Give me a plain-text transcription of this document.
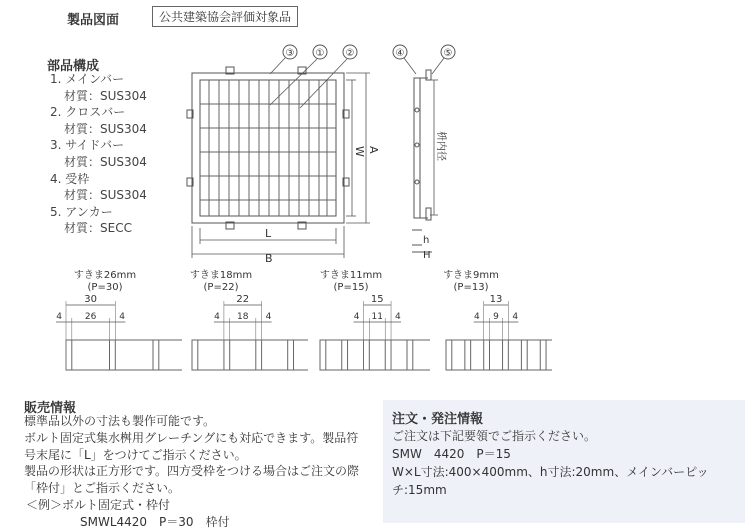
製品図面	公共建築協会評価対象品
部品構成
1. メインバー
材質：SUS304
2. クロスバー
材質：SUS304
3. サイドバー
材質：SUS304
4. 受枠
材質：SUS304
5. アンカー
材質：SECC
③ ① ②	④	⑤
W A
L
B
枡内径
h
H
30
4	26	4
22
4 18 4
15
4 11 4
13
4 9 4
すきま26mm
(P=30)
すきま18mm
(P=22)
すきま11mm
(P=15)
すきま9mm
(P=13)
販売情報
標準品以外の寸法も製作可能です。
ボルト固定式集水桝用グレーチングにも対応できます。製品符
号末尾に「L」をつけてご指示ください。
製品の形状は正方形です。四方受枠をつける場合はご注文の際
「枠付」とご指示ください。
＜例＞ボルト固定式・枠付
SMWL4420　P＝30　枠付
注文・発注情報
ご注文は下記要領でご指示ください。
SMW　4420　P＝15
W×L寸法:400×400mm、h寸法:20mm、メインバーピッ
チ:15mm
